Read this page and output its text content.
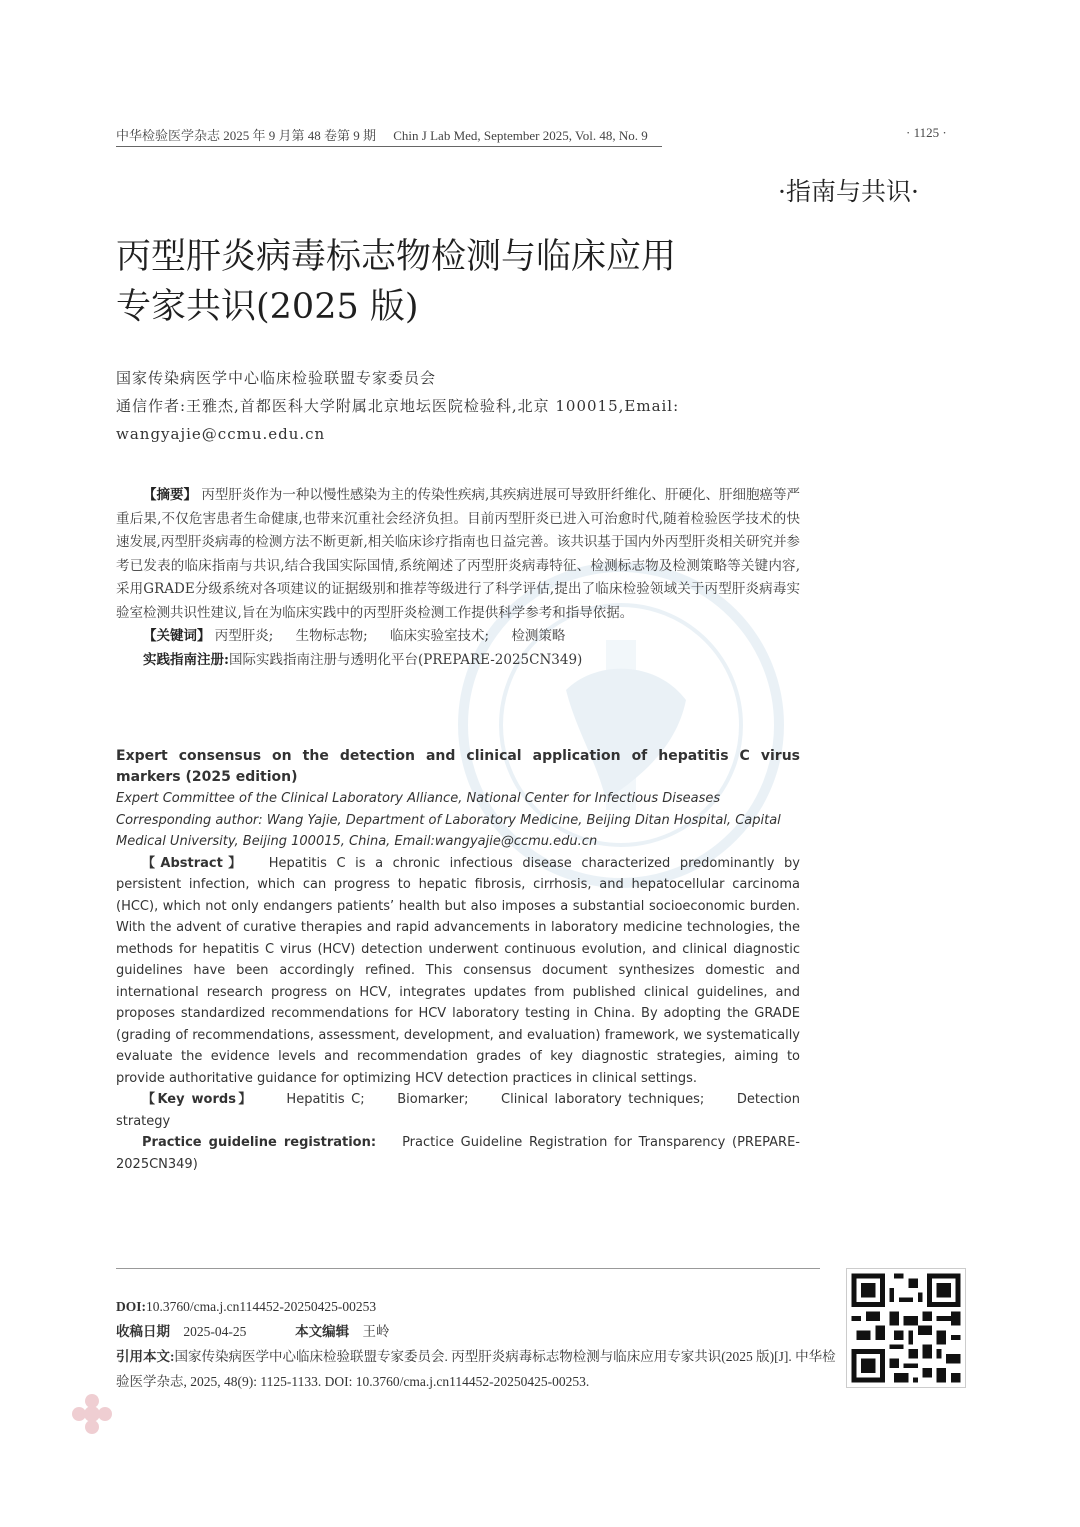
中华检验医学杂志 2025 年 9 月第 48 卷第 9 期 Chin J Lab Med, September 2025, Vol. 48, No. 9	· 1125 ·
·指南与共识·
丙型肝炎病毒标志物检测与临床应用
专家共识(2025 版)
国家传染病医学中心临床检验联盟专家委员会
通信作者:王雅杰,首都医科大学附属北京地坛医院检验科,北京 100015,Email:
wangyajie@ccmu.edu.cn
【摘要】 丙型肝炎作为一种以慢性感染为主的传染性疾病,其疾病进展可导致肝纤维化、肝硬化、肝细胞癌等严重后果,不仅危害患者生命健康,也带来沉重社会经济负担。目前丙型肝炎已进入可治愈时代,随着检验医学技术的快速发展,丙型肝炎病毒的检测方法不断更新,相关临床诊疗指南也日益完善。该共识基于国内外丙型肝炎相关研究并参考已发表的临床指南与共识,结合我国实际国情,系统阐述了丙型肝炎病毒特征、检测标志物及检测策略等关键内容,采用GRADE分级系统对各项建议的证据级别和推荐等级进行了科学评估,提出了临床检验领域关于丙型肝炎病毒实验室检测共识性建议,旨在为临床实践中的丙型肝炎检测工作提供科学参考和指导依据。
【关键词】 丙型肝炎; 生物标志物; 临床实验室技术; 检测策略
实践指南注册:国际实践指南注册与透明化平台(PREPARE-2025CN349)
Expert consensus on the detection and clinical application of hepatitis C virus markers (2025 edition)
Expert Committee of the Clinical Laboratory Alliance, National Center for Infectious Diseases
Corresponding author: Wang Yajie, Department of Laboratory Medicine, Beijing Ditan Hospital, Capital Medical University, Beijing 100015, China, Email:wangyajie@ccmu.edu.cn
【Abstract】 Hepatitis C is a chronic infectious disease characterized predominantly by persistent infection, which can progress to hepatic fibrosis, cirrhosis, and hepatocellular carcinoma (HCC), which not only endangers patients’ health but also imposes a substantial socioeconomic burden. With the advent of curative therapies and rapid advancements in laboratory medicine technologies, the methods for hepatitis C virus (HCV) detection underwent continuous evolution, and clinical diagnostic guidelines have been accordingly refined. This consensus document synthesizes domestic and international research progress on HCV, integrates updates from published clinical guidelines, and proposes standardized recommendations for HCV laboratory testing in China. By adopting the GRADE (grading of recommendations, assessment, development, and evaluation) framework, we systematically evaluate the evidence levels and recommendation grades of key diagnostic strategies, aiming to provide authoritative guidance for optimizing HCV detection practices in clinical settings.
【Key words】	Hepatitis C;	Biomarker;	Clinical laboratory techniques;	Detection strategy
Practice guideline registration: Practice Guideline Registration for Transparency (PREPARE-2025CN349)
DOI:10.3760/cma.j.cn114452-20250425-00253
收稿日期 2025-04-25	本文编辑 王岭
引用本文:国家传染病医学中心临床检验联盟专家委员会. 丙型肝炎病毒标志物检测与临床应用专家共识(2025 版)[J]. 中华检验医学杂志, 2025, 48(9): 1125-1133. DOI: 10.3760/cma.j.cn114452-20250425-00253.
